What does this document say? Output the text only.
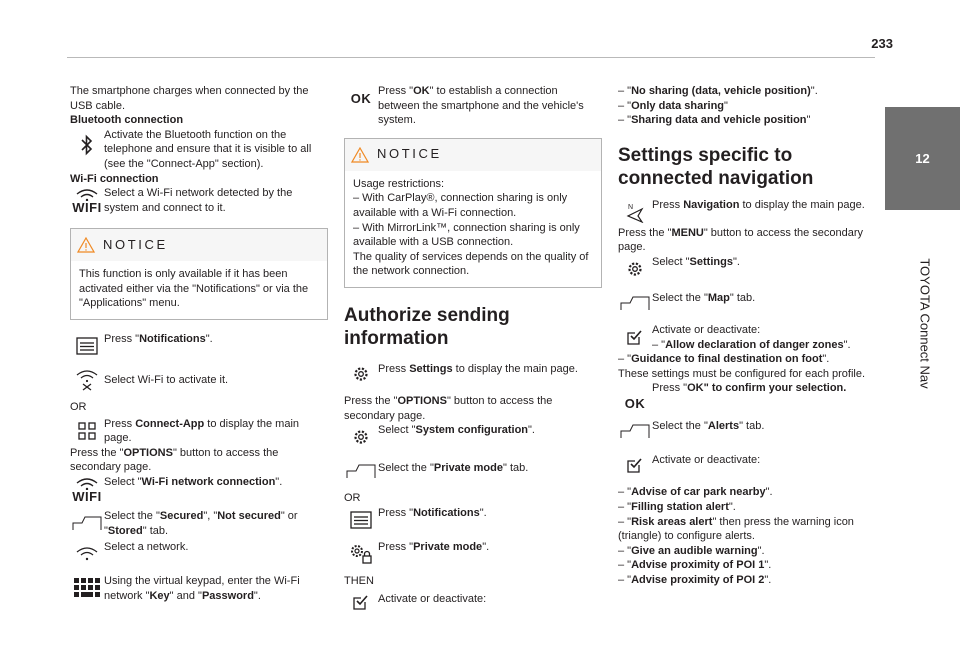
233
12
TOYOTA Connect Nav

The smartphone charges when connected by the USB cable.

Bluetooth connection

Activate the Bluetooth function on the telephone and ensure that it is visible to all (see the "Connect-App" section).

Wi-Fi connection

WIFI
Select a Wi-Fi network detected by the system and connect to it.
NOTICE
This function is only available if it has been activated either via the "Notifications" or via the "Applications" menu.
Press "Notifications".
Select Wi-Fi to activate it.

OR

Press Connect-App to display the main page.

Press the "OPTIONS" button to access the secondary page.

WIFI
Select "Wi-Fi network connection".
Select the "Secured", "Not secured" or "Stored" tab.
Select a network.
Using the virtual keypad, enter the Wi-Fi network "Key" and "Password".
OK Press "OK" to establish a connection between the smartphone and the vehicle's system.
NOTICE

Usage restrictions:

– With CarPlay®, connection sharing is only available with a Wi-Fi connection.

– With MirrorLink™, connection sharing is only available with a USB connection.

The quality of services depends on the quality of the network connection.

Authorize sending information
Press Settings to display the main page.

Press the "OPTIONS" button to access the secondary page.

Select "System configuration".
Select the "Private mode" tab.

OR

Press "Notifications".
Press "Private mode".

THEN

Activate or deactivate:

– "No sharing (data, vehicle position)".

– "Only data sharing"

– "Sharing data and vehicle position"

Settings specific to connected navigation
N Press Navigation to display the main page.

Press the "MENU" button to access the secondary page.

Select "Settings".
Select the "Map" tab.

Activate or deactivate:

– "Allow declaration of danger zones".

– "Guidance to final destination on foot".

These settings must be configured for each profile.

OK
Press "OK" to confirm your selection.
Select the "Alerts" tab.
Activate or deactivate:

– "Advise of car park nearby".

– "Filling station alert".

– "Risk areas alert" then press the warning icon (triangle) to configure alerts.

– "Give an audible warning".

– "Advise proximity of POI 1".

– "Advise proximity of POI 2".
